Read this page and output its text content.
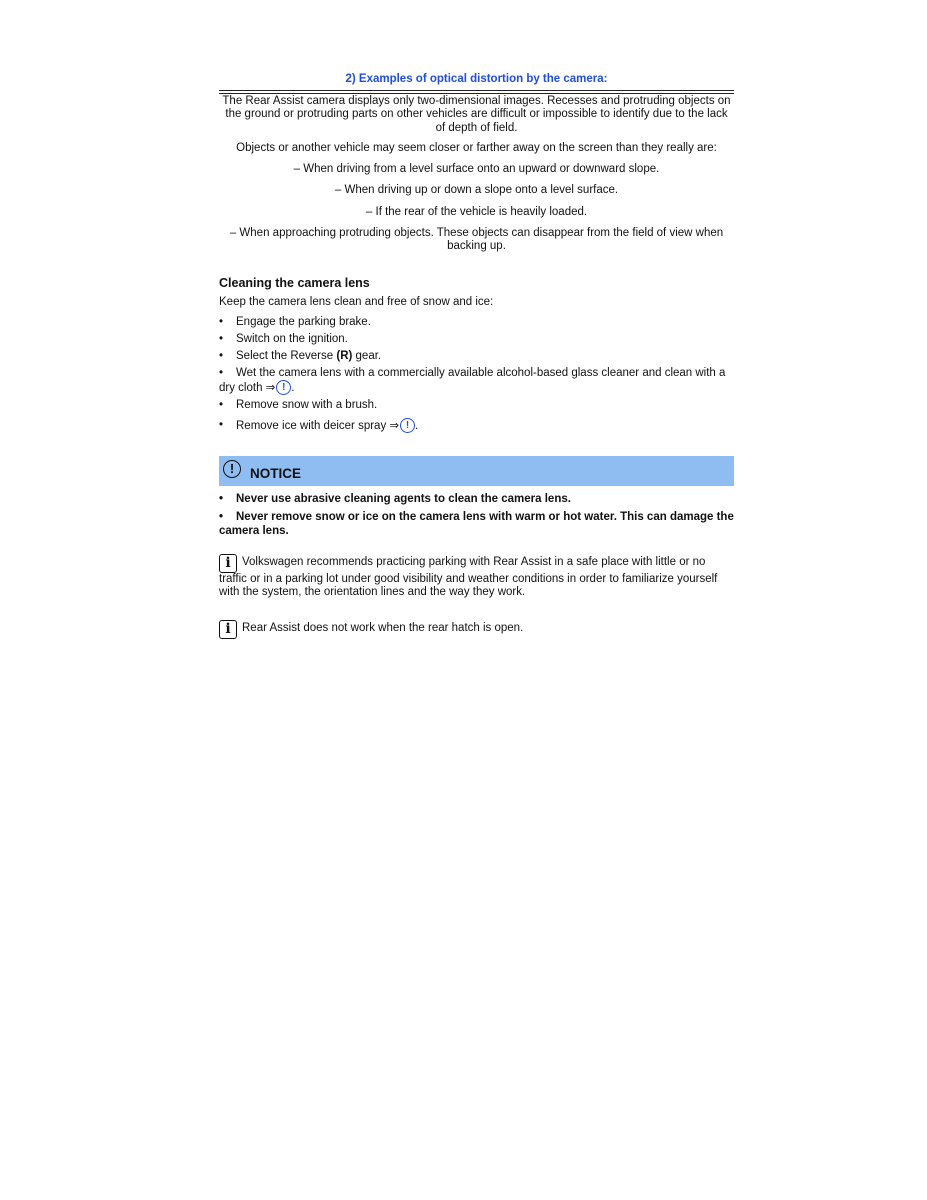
2) Examples of optical distortion by the camera:

The Rear Assist camera displays only two-dimensional images. Recesses and protruding objects on the ground or protruding parts on other vehicles are difficult or impossible to identify due to the lack of depth of field.

Objects or another vehicle may seem closer or farther away on the screen than they really are:

– When driving from a level surface onto an upward or downward slope.

– When driving up or down a slope onto a level surface.

– If the rear of the vehicle is heavily loaded.

– When approaching protruding objects. These objects can disappear from the field of view when backing up.

Cleaning the camera lens
Keep the camera lens clean and free of snow and ice:
• Engage the parking brake.
• Switch on the ignition.
• Select the Reverse (R) gear.
• Wet the camera lens with a commercially available alcohol-based glass cleaner and clean with a dry cloth ⇒ ! .
• Remove snow with a brush.
• Remove ice with deicer spray ⇒ ! .
!	NOTICE
• Never use abrasive cleaning agents to clean the camera lens.
• Never remove snow or ice on the camera lens with warm or hot water. This can damage the camera lens.
i Volkswagen recommends practicing parking with Rear Assist in a safe place with little or no traffic or in a parking lot under good visibility and weather conditions in order to familiarize yourself with the system, the orientation lines and the way they work.
i Rear Assist does not work when the rear hatch is open.
